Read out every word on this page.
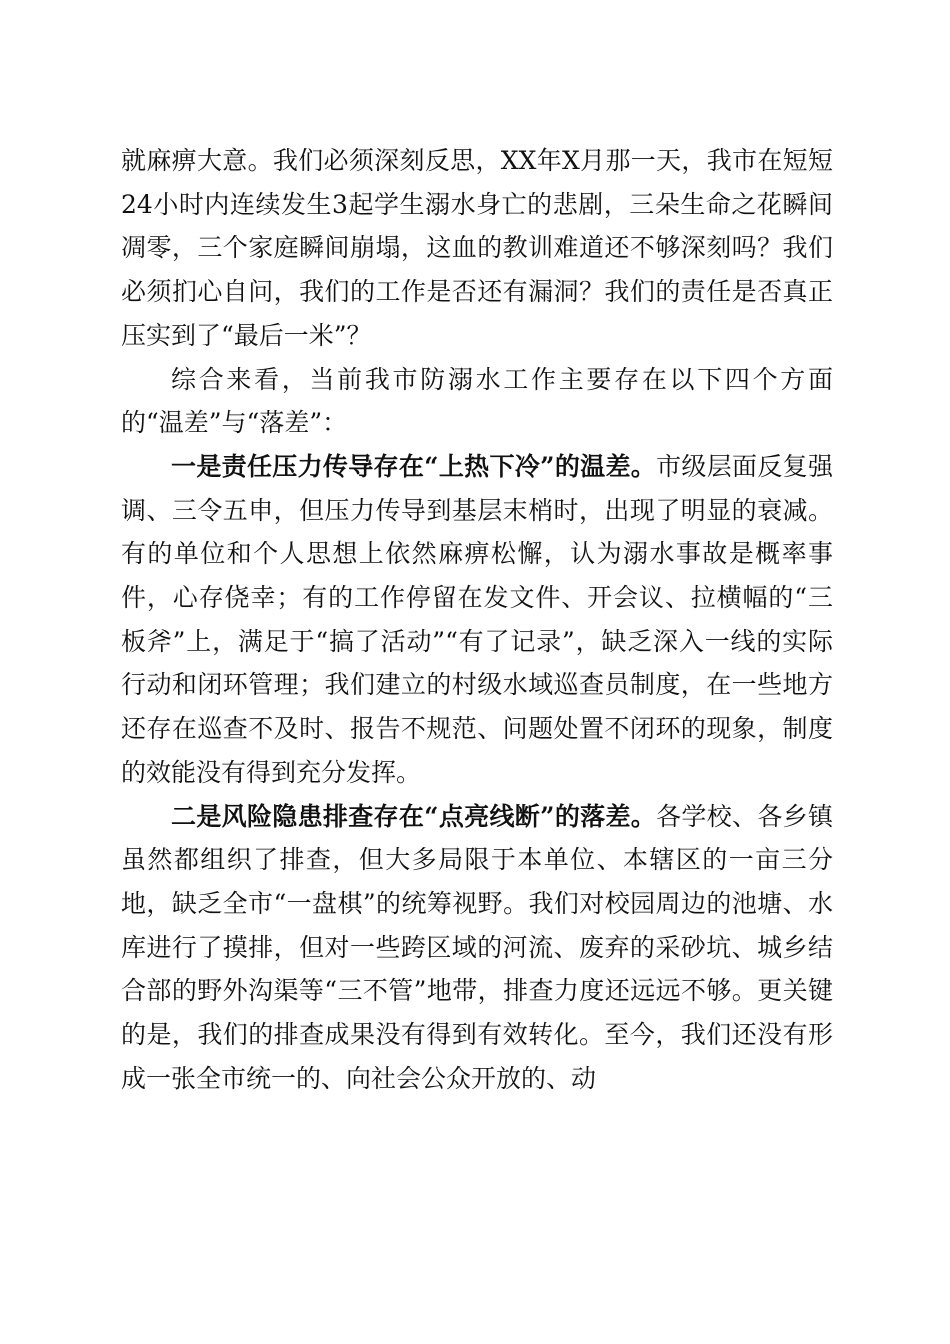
就麻痹大意。我们必须深刻反思，XX年X月那一天，我市在短短24小时内连续发生3起学生溺水身亡的悲剧，三朵生命之花瞬间凋零，三个家庭瞬间崩塌，这血的教训难道还不够深刻吗？我们必须扪心自问，我们的工作是否还有漏洞？我们的责任是否真正压实到了“最后一米”？

综合来看，当前我市防溺水工作主要存在以下四个方面的“温差”与“落差”：

一是责任压力传导存在“上热下冷”的温差。市级层面反复强调、三令五申，但压力传导到基层末梢时，出现了明显的衰减。有的单位和个人思想上依然麻痹松懈，认为溺水事故是概率事件，心存侥幸；有的工作停留在发文件、开会议、拉横幅的“三板斧”上，满足于“搞了活动”“有了记录”，缺乏深入一线的实际行动和闭环管理；我们建立的村级水域巡查员制度，在一些地方还存在巡查不及时、报告不规范、问题处置不闭环的现象，制度的效能没有得到充分发挥。

二是风险隐患排查存在“点亮线断”的落差。各学校、各乡镇虽然都组织了排查，但大多局限于本单位、本辖区的一亩三分地，缺乏全市“一盘棋”的统筹视野。我们对校园周边的池塘、水库进行了摸排，但对一些跨区域的河流、废弃的采砂坑、城乡结合部的野外沟渠等“三不管”地带，排查力度还远远不够。更关键的是，我们的排查成果没有得到有效转化。至今，我们还没有形成一张全市统一的、向社会公众开放的、动
